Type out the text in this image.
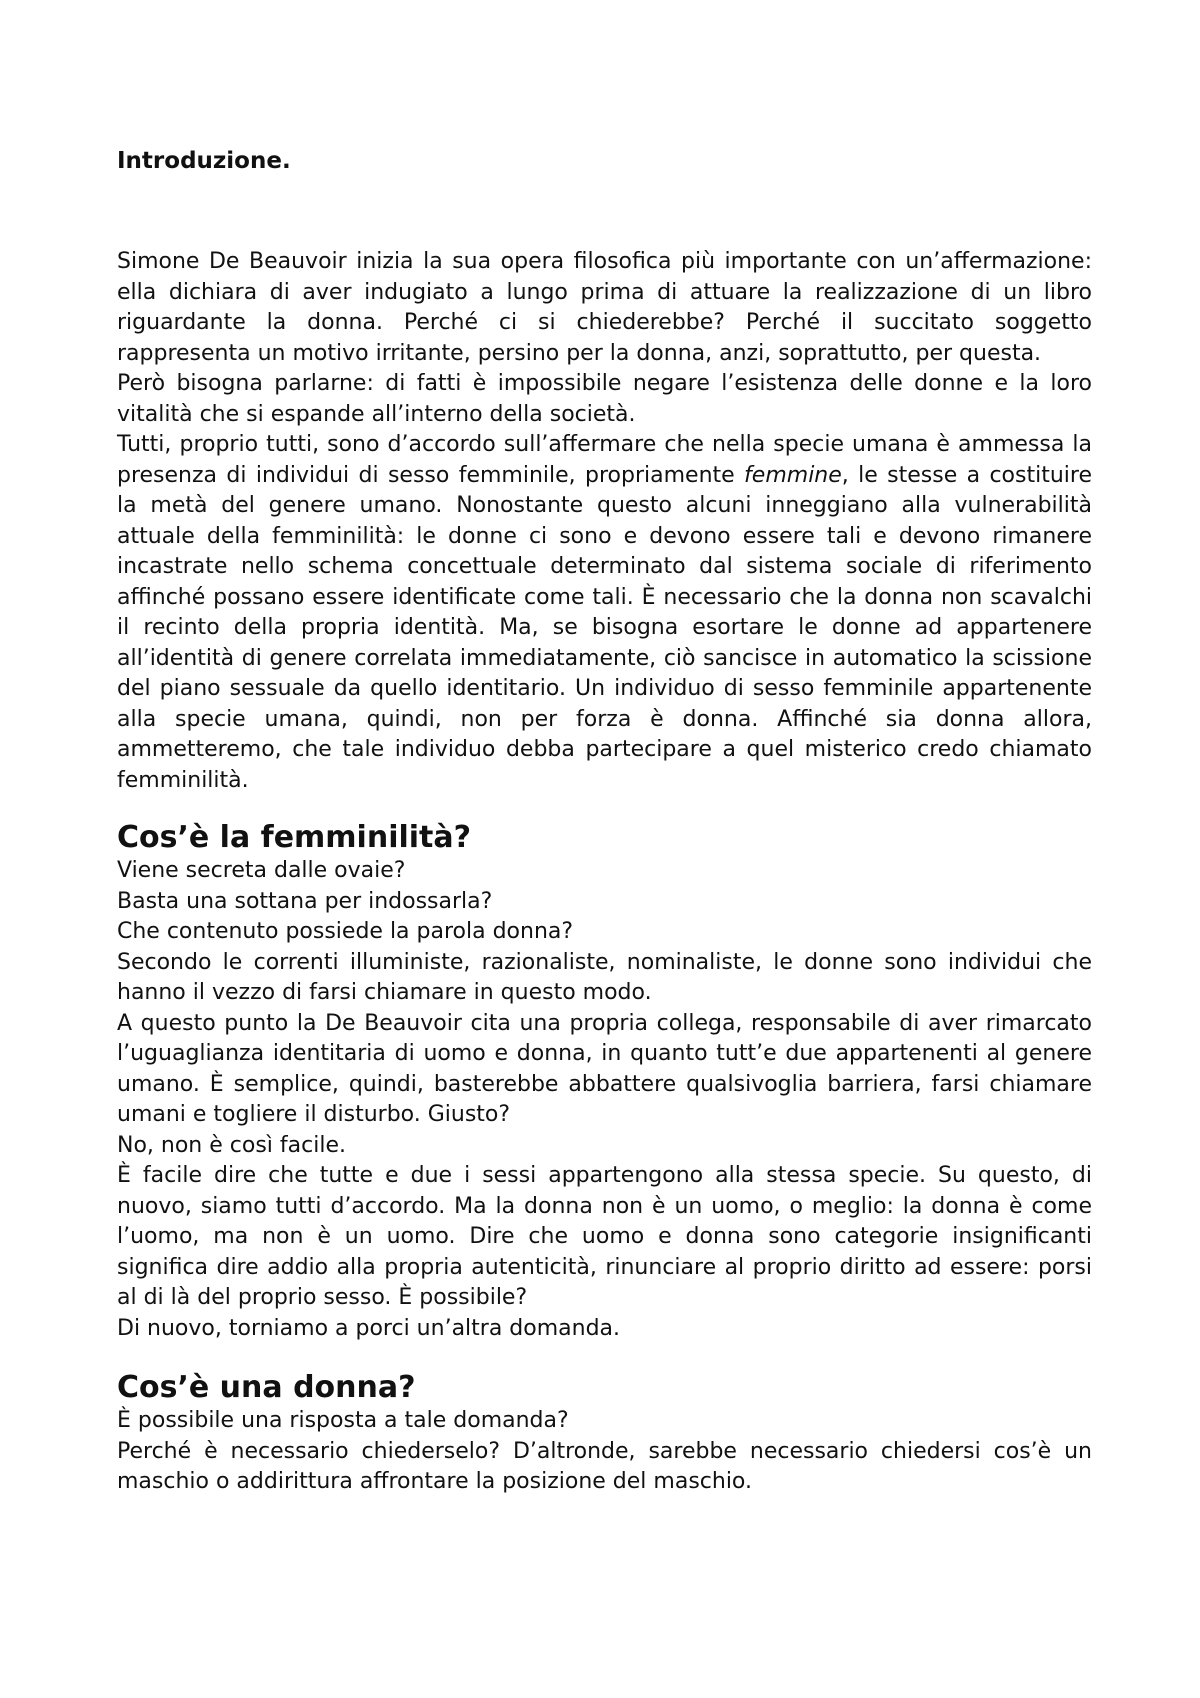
Introduzione.

Simone De Beauvoir inizia la sua opera filosofica più importante con un’affermazione: ella dichiara di aver indugiato a lungo prima di attuare la realizzazione di un libro riguardante la donna. Perché ci si chiederebbe? Perché il succitato soggetto rappresenta un motivo irritante, persino per la donna, anzi, soprattutto, per questa.

Però bisogna parlarne: di fatti è impossibile negare l’esistenza delle donne e la loro vitalità che si espande all’interno della società.

Tutti, proprio tutti, sono d’accordo sull’affermare che nella specie umana è ammessa la presenza di individui di sesso femminile, propriamente femmine, le stesse a costituire la metà del genere umano. Nonostante questo alcuni inneggiano alla vulnerabilità attuale della femminilità: le donne ci sono e devono essere tali e devono rimanere incastrate nello schema concettuale determinato dal sistema sociale di riferimento affinché possano essere identificate come tali. È necessario che la donna non scavalchi il recinto della propria identità. Ma, se bisogna esortare le donne ad appartenere all’identità di genere correlata immediatamente, ciò sancisce in automatico la scissione del piano sessuale da quello identitario. Un individuo di sesso femminile appartenente alla specie umana, quindi, non per forza è donna. Affinché sia donna allora, ammetteremo, che tale individuo debba partecipare a quel misterico credo chiamato femminilità.

Cos’è la femminilità?

Viene secreta dalle ovaie?

Basta una sottana per indossarla?

Che contenuto possiede la parola donna?

Secondo le correnti illuministe, razionaliste, nominaliste, le donne sono individui che hanno il vezzo di farsi chiamare in questo modo.

A questo punto la De Beauvoir cita una propria collega, responsabile di aver rimarcato l’uguaglianza identitaria di uomo e donna, in quanto tutt’e due appartenenti al genere umano. È semplice, quindi, basterebbe abbattere qualsivoglia barriera, farsi chiamare umani e togliere il disturbo. Giusto?

No, non è così facile.

È facile dire che tutte e due i sessi appartengono alla stessa specie. Su questo, di nuovo, siamo tutti d’accordo. Ma la donna non è un uomo, o meglio: la donna è come l’uomo, ma non è un uomo. Dire che uomo e donna sono categorie insignificanti significa dire addio alla propria autenticità, rinunciare al proprio diritto ad essere: porsi al di là del proprio sesso. È possibile?

Di nuovo, torniamo a porci un’altra domanda.

Cos’è una donna?

È possibile una risposta a tale domanda?

Perché è necessario chiederselo? D’altronde, sarebbe necessario chiedersi cos’è un maschio o addirittura affrontare la posizione del maschio.
